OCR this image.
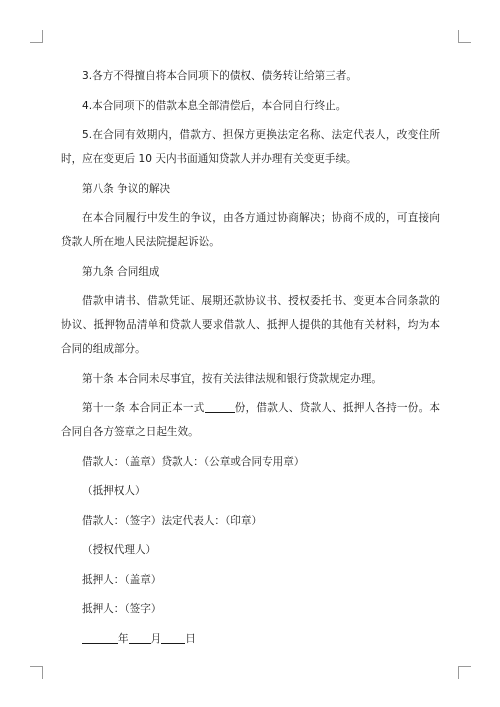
3.各方不得擅自将本合同项下的债权、债务转让给第三者。

4.本合同项下的借款本息全部清偿后，本合同自行终止。

5.在合同有效期内，借款方、担保方更换法定名称、法定代表人，改变住所时，应在变更后 10 天内书面通知贷款人并办理有关变更手续。

第八条 争议的解决

在本合同履行中发生的争议，由各方通过协商解决；协商不成的，可直接向贷款人所在地人民法院提起诉讼。

第九条 合同组成

借款申请书、借款凭证、展期还款协议书、授权委托书、变更本合同条款的协议、抵押物品清单和贷款人要求借款人、抵押人提供的其他有关材料，均为本合同的组成部分。

第十条 本合同未尽事宜，按有关法律法规和银行贷款规定办理。

第十一条 本合同正本一式	份，借款人、贷款人、抵押人各持一份。本合同自各方签章之日起生效。

借款人：（盖章）贷款人：（公章或合同专用章）

（抵押权人）

借款人：（签字）法定代表人：（印章）

（授权代理人）

抵押人：（盖章）

抵押人：（签字）

年 月 日
